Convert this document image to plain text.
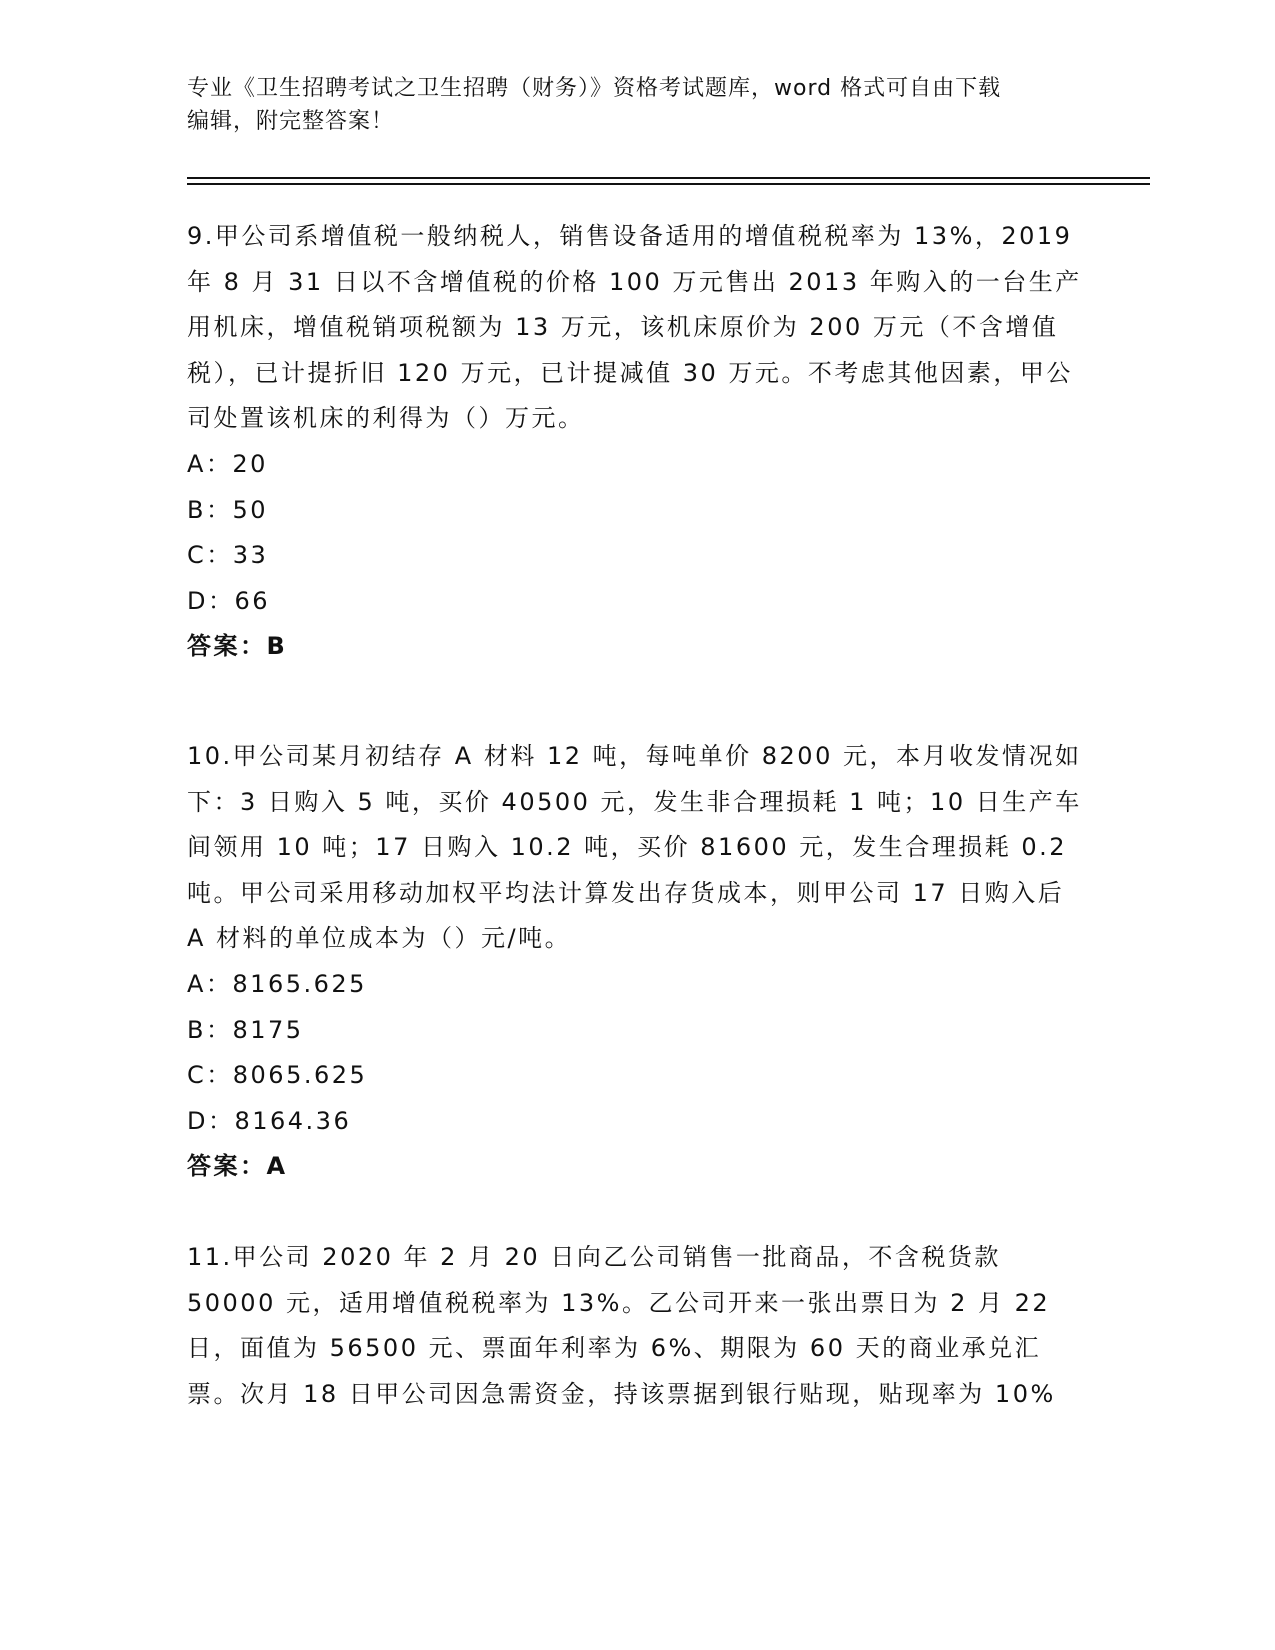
专业《卫生招聘考试之卫生招聘（财务）》资格考试题库，word 格式可自由下载
编辑，附完整答案！

9.甲公司系增值税一般纳税人，销售设备适用的增值税税率为 13%，2019 年 8 月 31 日以不含增值税的价格 100 万元售出 2013 年购入的一台生产用机床，增值税销项税额为 13 万元，该机床原价为 200 万元（不含增值税），已计提折旧 120 万元，已计提减值 30 万元。不考虑其他因素，甲公司处置该机床的利得为（）万元。

A：20

B：50

C：33

D：66

答案：B

10.甲公司某月初结存 A 材料 12 吨，每吨单价 8200 元，本月收发情况如下：3 日购入 5 吨，买价 40500 元，发生非合理损耗 1 吨；10 日生产车间领用 10 吨；17 日购入 10.2 吨，买价 81600 元，发生合理损耗 0.2 吨。甲公司采用移动加权平均法计算发出存货成本，则甲公司 17 日购入后 A 材料的单位成本为（）元/吨。

A：8165.625

B：8175

C：8065.625

D：8164.36

答案：A

11.甲公司 2020 年 2 月 20 日向乙公司销售一批商品，不含税货款 50000 元，适用增值税税率为 13%。乙公司开来一张出票日为 2 月 22 日，面值为 56500 元、票面年利率为 6%、期限为 60 天的商业承兑汇票。次月 18 日甲公司因急需资金，持该票据到银行贴现，贴现率为 10%
